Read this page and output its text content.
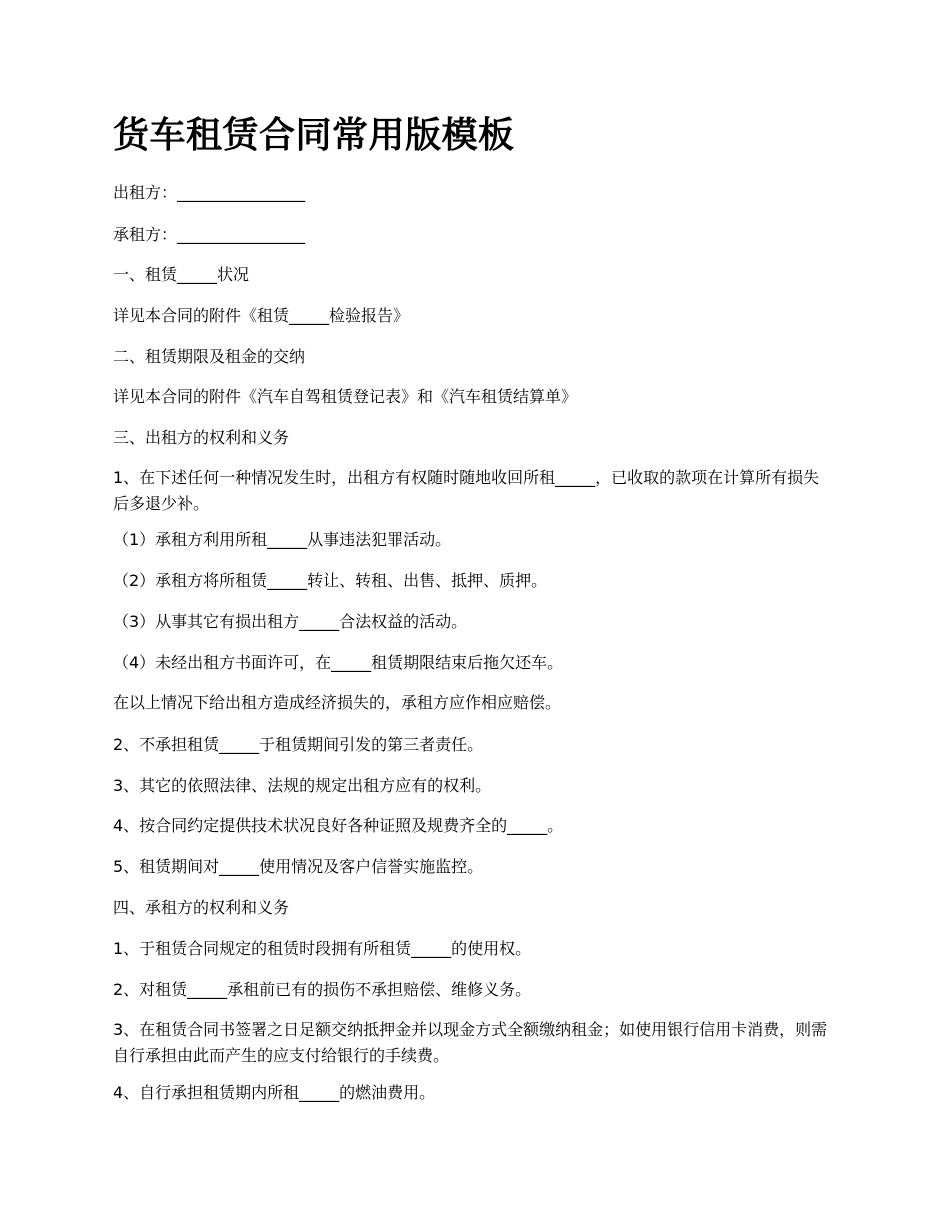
货车租赁合同常用版模板

出租方：________________

承租方：________________

一、租赁_____状况

详见本合同的附件《租赁_____检验报告》

二、租赁期限及租金的交纳

详见本合同的附件《汽车自驾租赁登记表》和《汽车租赁结算单》

三、出租方的权利和义务

1、在下述任何一种情况发生时，出租方有权随时随地收回所租_____，已收取的款项在计算所有损失后多退少补。

（1）承租方利用所租_____从事违法犯罪活动。

（2）承租方将所租赁_____转让、转租、出售、抵押、质押。

（3）从事其它有损出租方_____合法权益的活动。

（4）未经出租方书面许可，在_____租赁期限结束后拖欠还车。

在以上情况下给出租方造成经济损失的，承租方应作相应赔偿。

2、不承担租赁_____于租赁期间引发的第三者责任。

3、其它的依照法律、法规的规定出租方应有的权利。

4、按合同约定提供技术状况良好各种证照及规费齐全的_____。

5、租赁期间对_____使用情况及客户信誉实施监控。

四、承租方的权利和义务

1、于租赁合同规定的租赁时段拥有所租赁_____的使用权。

2、对租赁_____承租前已有的损伤不承担赔偿、维修义务。

3、在租赁合同书签署之日足额交纳抵押金并以现金方式全额缴纳租金；如使用银行信用卡消费，则需自行承担由此而产生的应支付给银行的手续费。

4、自行承担租赁期内所租_____的燃油费用。
